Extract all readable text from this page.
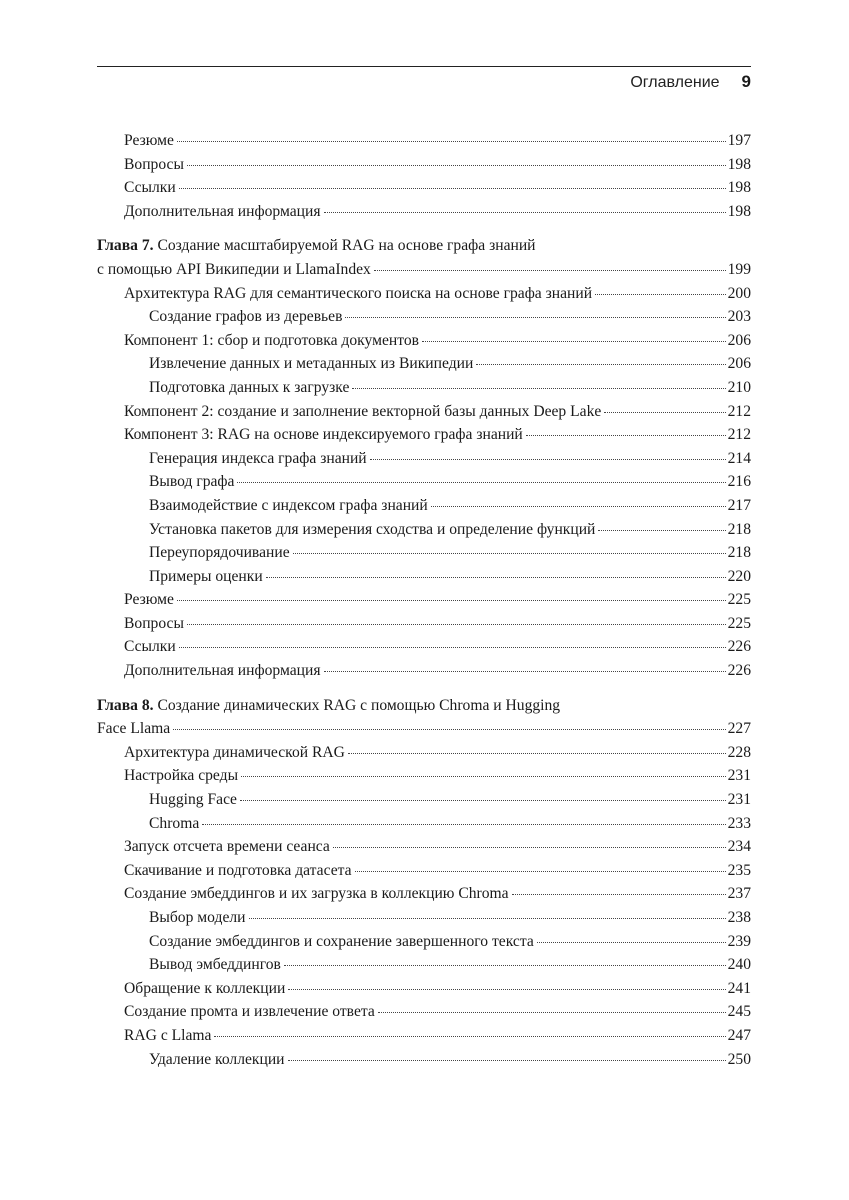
Оглавление 9
Резюме	197
Вопросы	198
Ссылки	198
Дополнительная информация	198
Глава 7. Создание масштабируемой RAG на основе графа знаний
с помощью API Википедии и LlamaIndex	199
Архитектура RAG для семантического поиска на основе графа знаний	200
Создание графов из деревьев	203
Компонент 1: сбор и подготовка документов	206
Извлечение данных и метаданных из Википедии	206
Подготовка данных к загрузке	210
Компонент 2: создание и заполнение векторной базы данных Deep Lake	212
Компонент 3: RAG на основе индексируемого графа знаний	212
Генерация индекса графа знаний	214
Вывод графа	216
Взаимодействие с индексом графа знаний	217
Установка пакетов для измерения сходства и определение функций	218
Переупорядочивание	218
Примеры оценки	220
Резюме	225
Вопросы	225
Ссылки	226
Дополнительная информация	226
Глава 8. Создание динамических RAG с помощью Chroma и Hugging
Face Llama	227
Архитектура динамической RAG	228
Настройка среды	231
Hugging Face	231
Chroma	233
Запуск отсчета времени сеанса	234
Скачивание и подготовка датасета	235
Создание эмбеддингов и их загрузка в коллекцию Chroma	237
Выбор модели	238
Создание эмбеддингов и сохранение завершенного текста	239
Вывод эмбеддингов	240
Обращение к коллекции	241
Создание промта и извлечение ответа	245
RAG с Llama	247
Удаление коллекции	250
